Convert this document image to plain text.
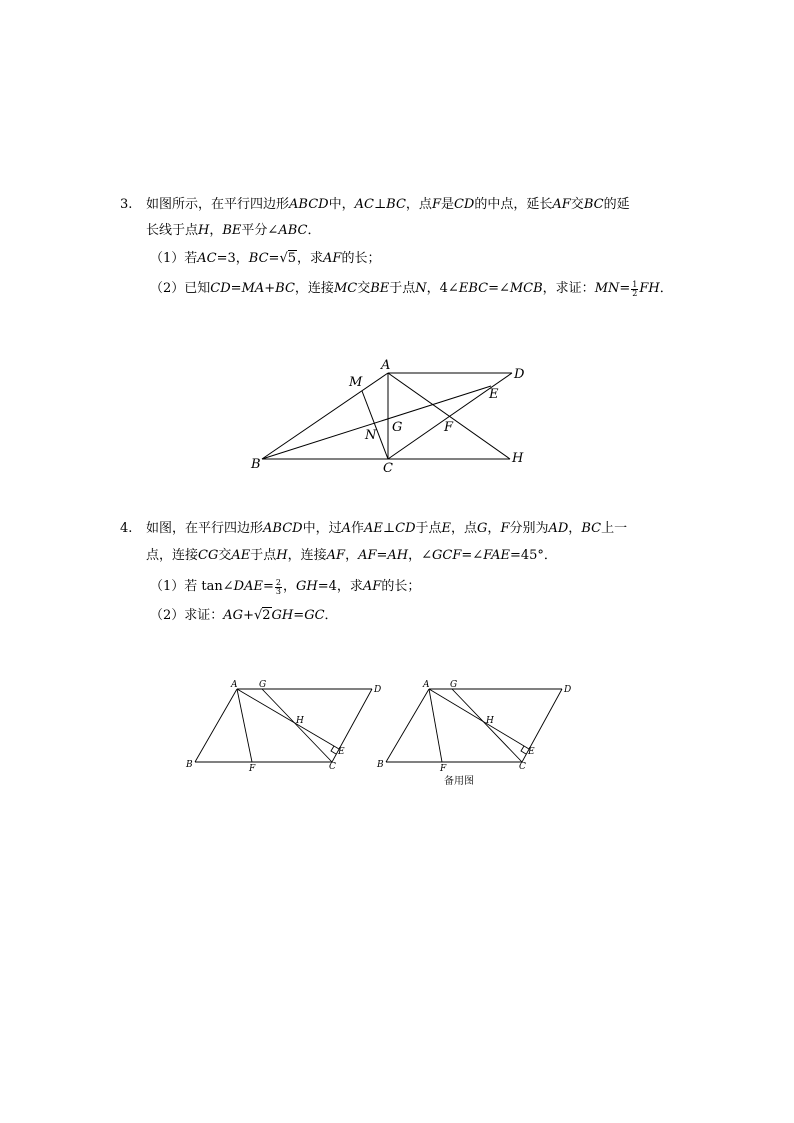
3. 如图所示，在平行四边形ABCD中，AC⊥BC，点F是CD的中点，延长AF交BC的延
长线于点H，BE平分∠ABC．
（1）若AC=3，BC=√5，求AF的长；
（2）已知CD=MA+BC，连接MC交BE于点N，4∠EBC=∠MCB，求证：$MN= \frac{1}{2}$ FH．
A
B	C
D
E
F
G
H
M
N
4. 如图，在平行四边形ABCD中，过A作AE⊥CD于点E，点G，F分别为AD，BC上一
点，连接CG交AE于点H，连接AF，AF=AH，∠GCF=∠FAE=45°．
（1）若 tan∠DAE= $\frac{2}{3}$ ，GH=4，求AF的长；
（2）求证：AG+√2GH=GC．
A G	D
H
E
B	F	C
A G	D
H
E
B	F	C
备用图
